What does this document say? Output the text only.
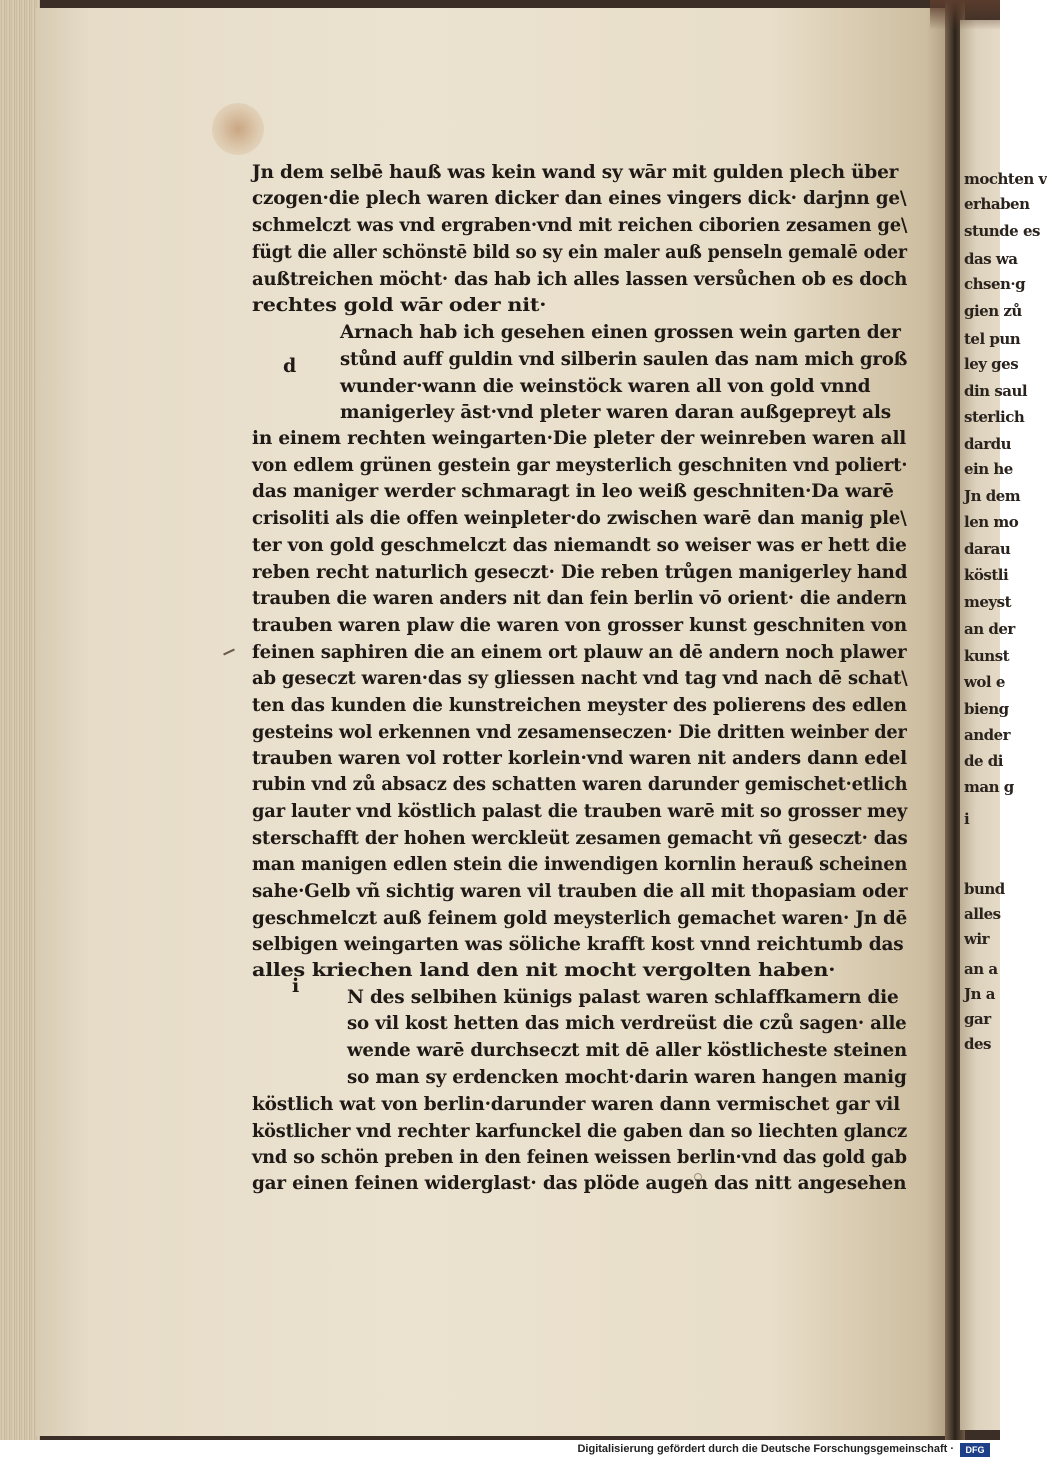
mochten v
erhaben
stunde es
das wa
chsen·g
gien zů
tel pun
ley ges
din saul
sterlich
dardu
ein he
Jn dem
len mo
darau
köstli
meyst
an der
kunst
wol e
bieng
ander
de di
man g
i
bund
alles
wir
an a
Jn a
gar
des
Jn dem selbē hauß was kein wand sy wār mit gulden plech über
czogen·die plech waren dicker dan eines vingers dick· darjnn ge\
schmelczt was vnd ergraben·vnd mit reichen ciborien zesamen ge\
fügt die aller schönstē bild so sy ein maler auß penseln gemalē oder
außtreichen möcht· das hab ich alles lassen versůchen ob es doch
rechtes gold wār oder nit·
Arnach hab ich gesehen einen grossen wein garten der
stůnd auff guldin vnd silberin saulen das nam mich groß
wunder·wann die weinstöck waren all von gold vnnd
manigerley āst·vnd pleter waren daran außgepreyt als
in einem rechten weingarten·Die pleter der weinreben waren all
von edlem grünen gestein gar meysterlich geschniten vnd poliert·
das maniger werder schmaragt in leo weiß geschniten·Da warē
crisoliti als die offen weinpleter·do zwischen warē dan manig ple\
ter von gold geschmelczt das niemandt so weiser was er hett die
reben recht naturlich geseczt· Die reben trůgen manigerley hand
trauben die waren anders nit dan fein berlin vō orient· die andern
trauben waren plaw die waren von grosser kunst geschniten von
feinen saphiren die an einem ort plauw an dē andern noch plawer
ab geseczt waren·das sy gliessen nacht vnd tag vnd nach dē schat\
ten das kunden die kunstreichen meyster des polierens des edlen
gesteins wol erkennen vnd zesamenseczen· Die dritten weinber der
trauben waren vol rotter korlein·vnd waren nit anders dann edel
rubin vnd zů absacz des schatten waren darunder gemischet·etlich
gar lauter vnd köstlich palast die trauben warē mit so grosser mey
sterschafft der hohen wercklеüt zesamen gemacht vñ geseczt· das
man manigen edlen stein die inwendigen kornlin herauß scheinen
sahe·Gelb vñ sichtig waren vil trauben die all mit thopasiam oder
geschmelczt auß feinem gold meysterlich gemachet waren· Jn dē
selbigen weingarten was söliche krafft kost vnnd reichtumb das
alles kriechen land den nit mocht vergolten haben·
N des selbihen künigs palast waren schlaffkamern die
so vil kost hetten das mich verdreüst die czů sagen· alle
wende warē durchseczt mit dē aller köstlicheste steinen
so man sy erdencken mocht·darin waren hangen manig
köstlich wat von berlin·darunder waren dann vermischet gar vil
köstlicher vnd rechter karfunckel die gaben dan so liechten glancz
vnd so schön preben in den feinen weissen berlin·vnd das gold gab
gar einen feinen widerglast· das plöde augen das nitt angesehen
d
i
Digitalisierung gefördert durch die Deutsche Forschungsgemeinschaft ·	DFG
